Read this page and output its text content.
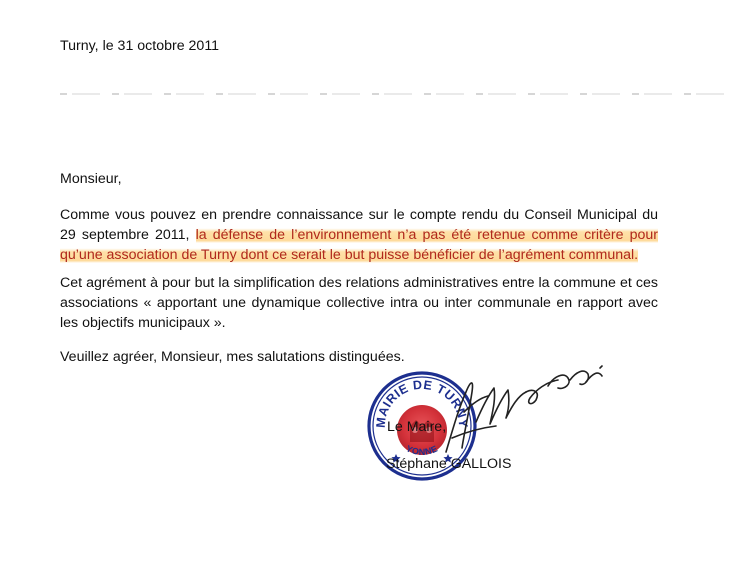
Turny, le 31 octobre 2011
Monsieur,
Comme vous pouvez en prendre connaissance sur le compte rendu du Conseil Municipal du 29 septembre 2011, la défense de l’environnement n’a pas été retenue comme critère pour qu’une association de Turny dont ce serait le but puisse bénéficier de l’agrément communal.
Cet agrément à pour but la simplification des relations administratives entre la commune et ces associations « apportant une dynamique collective intra ou inter communale en rapport avec les objectifs municipaux ».
Veuillez agréer, Monsieur, mes salutations distinguées.
MAIRIE DE TURNY
YONNE
Le Maire,
Stéphane GALLOIS
